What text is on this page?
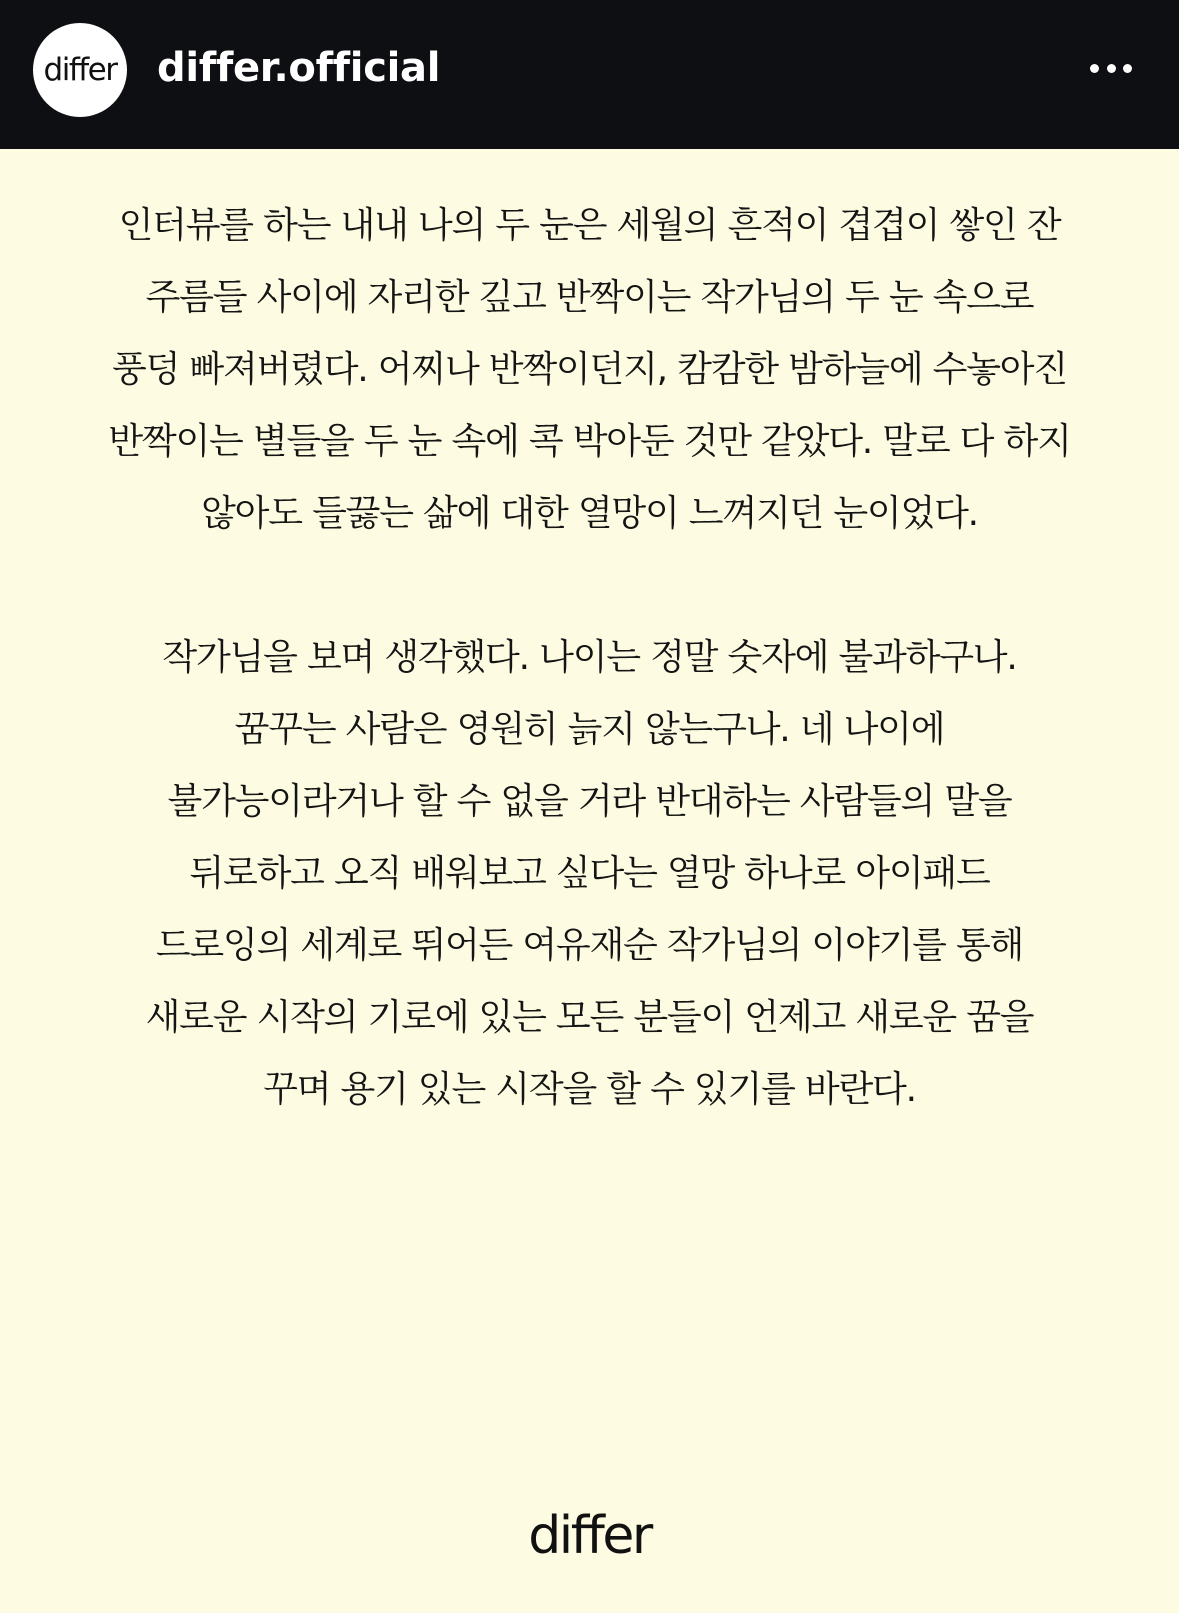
differ differ.official
인터뷰를 하는 내내 나의 두 눈은 세월의 흔적이 겹겹이 쌓인 잔
주름들 사이에 자리한 깊고 반짝이는 작가님의 두 눈 속으로
풍덩 빠져버렸다. 어찌나 반짝이던지, 캄캄한 밤하늘에 수놓아진
반짝이는 별들을 두 눈 속에 콕 박아둔 것만 같았다. 말로 다 하지
않아도 들끓는 삶에 대한 열망이 느껴지던 눈이었다.
작가님을 보며 생각했다. 나이는 정말 숫자에 불과하구나.
꿈꾸는 사람은 영원히 늙지 않는구나. 네 나이에
불가능이라거나 할 수 없을 거라 반대하는 사람들의 말을
뒤로하고 오직 배워보고 싶다는 열망 하나로 아이패드
드로잉의 세계로 뛰어든 여유재순 작가님의 이야기를 통해
새로운 시작의 기로에 있는 모든 분들이 언제고 새로운 꿈을
꾸며 용기 있는 시작을 할 수 있기를 바란다.
differ
